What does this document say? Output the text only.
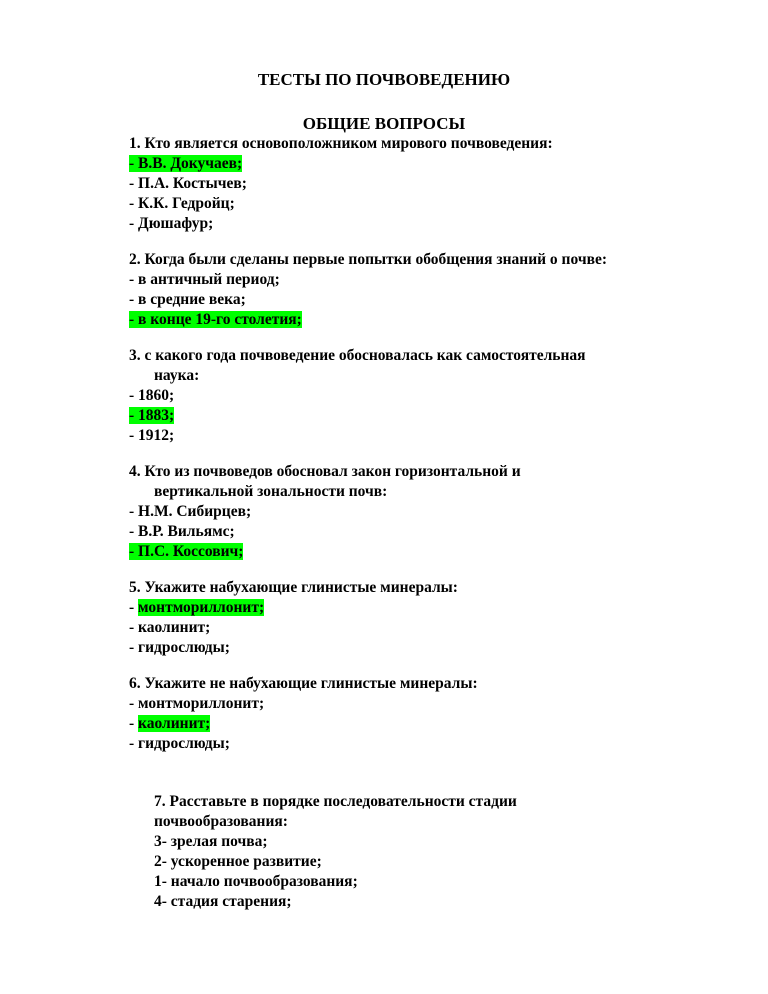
ТЕСТЫ ПО ПОЧВОВЕДЕНИЮ
ОБЩИЕ ВОПРОСЫ
1. Кто является основоположником мирового почвоведения:
- В.В. Докучаев;
- П.А. Костычев;
- К.К. Гедройц;
- Дюшафур;
2. Когда были сделаны первые попытки обобщения знаний о почве:
- в античный период;
- в средние века;
- в конце 19-го столетия;
3. с какого года почвоведение обосновалась как самостоятельная
наука:
- 1860;
- 1883;
- 1912;
4. Кто из почвоведов обосновал закон горизонтальной и
вертикальной зональности почв:
- Н.М. Сибирцев;
- В.Р. Вильямс;
- П.С. Коссович;
5. Укажите набухающие глинистые минералы:
- монтмориллонит;
- каолинит;
- гидрослюды;
6. Укажите не набухающие глинистые минералы:
- монтмориллонит;
- каолинит;
- гидрослюды;
7. Расставьте в порядке последовательности стадии
почвообразования:
3- зрелая почва;
2- ускоренное развитие;
1- начало почвообразования;
4- стадия старения;
